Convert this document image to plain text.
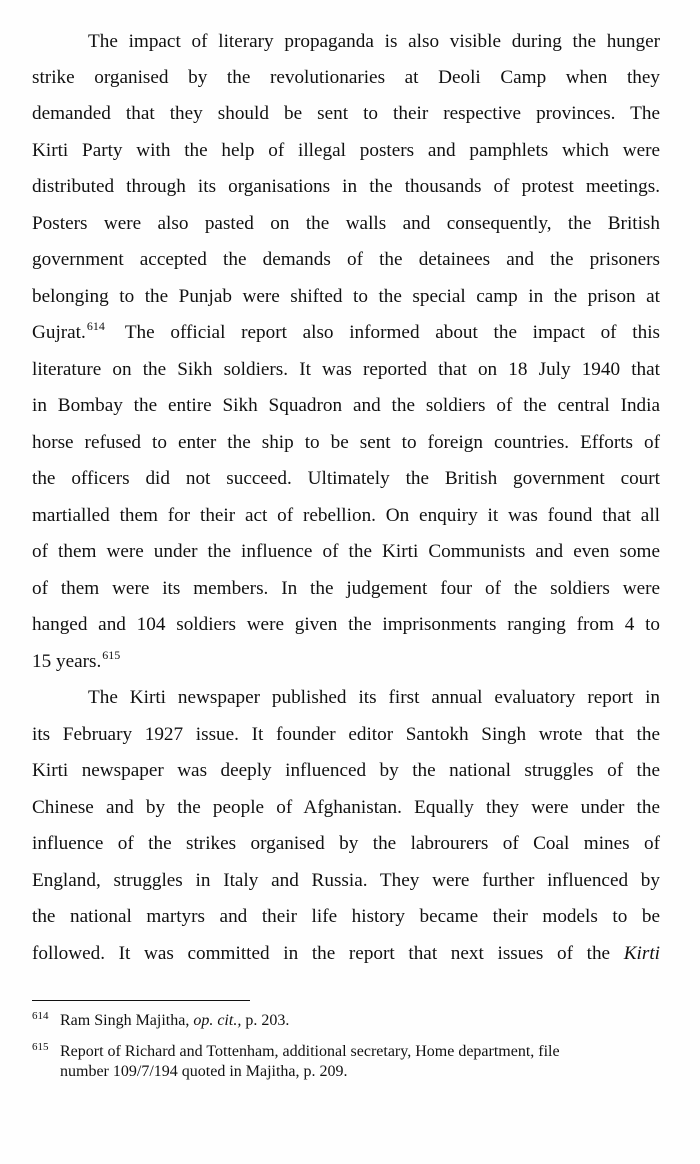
The impact of literary propaganda is also visible during the hunger
strike organised by the revolutionaries at Deoli Camp when they
demanded that they should be sent to their respective provinces. The
Kirti Party with the help of illegal posters and pamphlets which were
distributed through its organisations in the thousands of protest meetings.
Posters were also pasted on the walls and consequently, the British
government accepted the demands of the detainees and the prisoners
belonging to the Punjab were shifted to the special camp in the prison at
Gujrat.$^{614}$ The official report also informed about the impact of this
literature on the Sikh soldiers. It was reported that on 18 July 1940 that
in Bombay the entire Sikh Squadron and the soldiers of the central India
horse refused to enter the ship to be sent to foreign countries. Efforts of
the officers did not succeed. Ultimately the British government court
martialled them for their act of rebellion. On enquiry it was found that all
of them were under the influence of the Kirti Communists and even some
of them were its members. In the judgement four of the soldiers were
hanged and 104 soldiers were given the imprisonments ranging from 4 to
15 years.$^{615}$
The Kirti newspaper published its first annual evaluatory report in
its February 1927 issue. It founder editor Santokh Singh wrote that the
Kirti newspaper was deeply influenced by the national struggles of the
Chinese and by the people of Afghanistan. Equally they were under the
influence of the strikes organised by the labrourers of Coal mines of
England, struggles in Italy and Russia. They were further influenced by
the national martyrs and their life history became their models to be
followed. It was committed in the report that next issues of the Kirti
614 Ram Singh Majitha, op. cit., p. 203.
615 Report of Richard and Tottenham, additional secretary, Home department, file
number 109/7/194 quoted in Majitha, p. 209.
